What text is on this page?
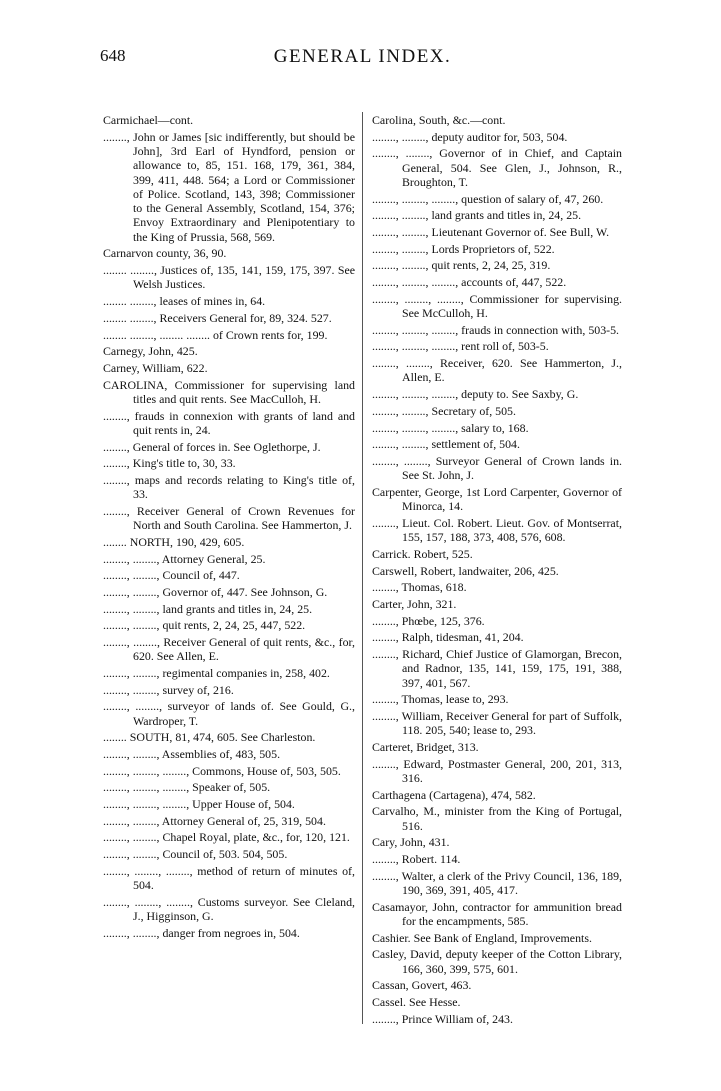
648	GENERAL INDEX.

Carmichael—cont.

........, John or James [sic indifferently, but should be John], 3rd Earl of Hyndford, pension or allowance to, 85, 151. 168, 179, 361, 384, 399, 411, 448. 564; a Lord or Commissioner of Police. Scotland, 143, 398; Commissioner to the General Assembly, Scotland, 154, 376; Envoy Extraordinary and Plenipotentiary to the King of Prussia, 568, 569.

Carnarvon county, 36, 90.

........ ........, Justices of, 135, 141, 159, 175, 397. See Welsh Justices.

........ ........, leases of mines in, 64.

........ ........, Receivers General for, 89, 324. 527.

........ ........, ........ ........ of Crown rents for, 199.

Carnegy, John, 425.

Carney, William, 622.

CAROLINA, Commissioner for supervising land titles and quit rents. See MacCulloh, H.

........, frauds in connexion with grants of land and quit rents in, 24.

........, General of forces in. See Oglethorpe, J.

........, King's title to, 30, 33.

........, maps and records relating to King's title of, 33.

........, Receiver General of Crown Revenues for North and South Carolina. See Hammerton, J.

........ NORTH, 190, 429, 605.

........, ........, Attorney General, 25.

........, ........, Council of, 447.

........, ........, Governor of, 447. See Johnson, G.

........, ........, land grants and titles in, 24, 25.

........, ........, quit rents, 2, 24, 25, 447, 522.

........, ........, Receiver General of quit rents, &c., for, 620. See Allen, E.

........, ........, regimental companies in, 258, 402.

........, ........, survey of, 216.

........, ........, surveyor of lands of. See Gould, G., Wardroper, T.

........ SOUTH, 81, 474, 605. See Charleston.

........, ........, Assemblies of, 483, 505.

........, ........, ........, Commons, House of, 503, 505.

........, ........, ........, Speaker of, 505.

........, ........, ........, Upper House of, 504.

........, ........, Attorney General of, 25, 319, 504.

........, ........, Chapel Royal, plate, &c., for, 120, 121.

........, ........, Council of, 503. 504, 505.

........, ........, ........, method of return of minutes of, 504.

........, ........, ........, Customs surveyor. See Cleland, J., Higginson, G.

........, ........, danger from negroes in, 504.

Carolina, South, &c.—cont.

........, ........, deputy auditor for, 503, 504.

........, ........, Governor of in Chief, and Captain General, 504. See Glen, J., Johnson, R., Broughton, T.

........, ........, ........, question of salary of, 47, 260.

........, ........, land grants and titles in, 24, 25.

........, ........, Lieutenant Governor of. See Bull, W.

........, ........, Lords Proprietors of, 522.

........, ........, quit rents, 2, 24, 25, 319.

........, ........, ........, accounts of, 447, 522.

........, ........, ........, Commissioner for supervising. See McCulloh, H.

........, ........, ........, frauds in connection with, 503-5.

........, ........, ........, rent roll of, 503-5.

........, ........, Receiver, 620. See Hammerton, J., Allen, E.

........, ........, ........, deputy to. See Saxby, G.

........, ........, Secretary of, 505.

........, ........, ........, salary to, 168.

........, ........, settlement of, 504.

........, ........, Surveyor General of Crown lands in. See St. John, J.

Carpenter, George, 1st Lord Carpenter, Governor of Minorca, 14.

........, Lieut. Col. Robert. Lieut. Gov. of Montserrat, 155, 157, 188, 373, 408, 576, 608.

Carrick. Robert, 525.

Carswell, Robert, landwaiter, 206, 425.

........, Thomas, 618.

Carter, John, 321.

........, Phœbe, 125, 376.

........, Ralph, tidesman, 41, 204.

........, Richard, Chief Justice of Glamorgan, Brecon, and Radnor, 135, 141, 159, 175, 191, 388, 397, 401, 567.

........, Thomas, lease to, 293.

........, William, Receiver General for part of Suffolk, 118. 205, 540; lease to, 293.

Carteret, Bridget, 313.

........, Edward, Postmaster General, 200, 201, 313, 316.

Carthagena (Cartagena), 474, 582.

Carvalho, M., minister from the King of Portugal, 516.

Cary, John, 431.

........, Robert. 114.

........, Walter, a clerk of the Privy Council, 136, 189, 190, 369, 391, 405, 417.

Casamayor, John, contractor for ammunition bread for the encampments, 585.

Cashier. See Bank of England, Improvements.

Casley, David, deputy keeper of the Cotton Library, 166, 360, 399, 575, 601.

Cassan, Govert, 463.

Cassel. See Hesse.

........, Prince William of, 243.
